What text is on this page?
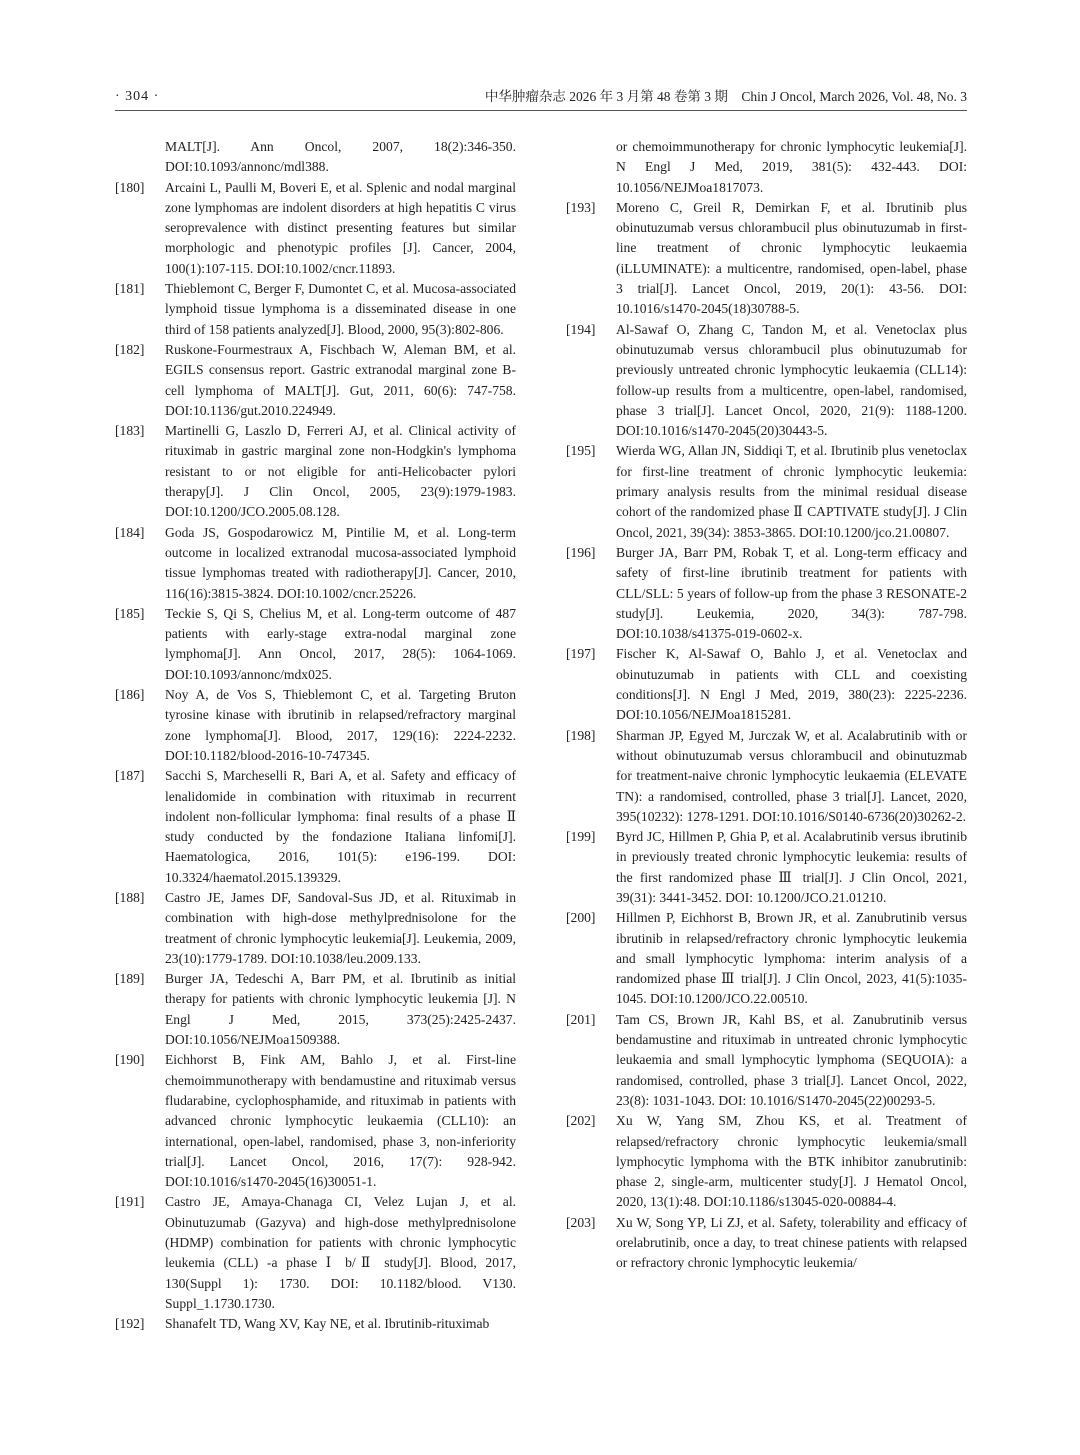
· 304 ·	中华肿瘤杂志 2026 年 3 月第 48 卷第 3 期　Chin J Oncol, March 2026, Vol. 48, No. 3
MALT[J]. Ann Oncol, 2007, 18(2):346-350. DOI:10.1093/annonc/mdl388.
[180]	Arcaini L, Paulli M, Boveri E, et al. Splenic and nodal marginal zone lymphomas are indolent disorders at high hepatitis C virus seroprevalence with distinct presenting features but similar morphologic and phenotypic profiles [J]. Cancer, 2004, 100(1):107-115. DOI:10.1002/cncr.11893.
[181]	Thieblemont C, Berger F, Dumontet C, et al. Mucosa-associated lymphoid tissue lymphoma is a disseminated disease in one third of 158 patients analyzed[J]. Blood, 2000, 95(3):802-806.
[182]	Ruskone-Fourmestraux A, Fischbach W, Aleman BM, et al. EGILS consensus report. Gastric extranodal marginal zone B-cell lymphoma of MALT[J]. Gut, 2011, 60(6): 747-758. DOI:10.1136/gut.2010.224949.
[183]	Martinelli G, Laszlo D, Ferreri AJ, et al. Clinical activity of rituximab in gastric marginal zone non-Hodgkin's lymphoma resistant to or not eligible for anti-Helicobacter pylori therapy[J]. J Clin Oncol, 2005, 23(9):1979-1983. DOI:10.1200/JCO.2005.08.128.
[184]	Goda JS, Gospodarowicz M, Pintilie M, et al. Long-term outcome in localized extranodal mucosa-associated lymphoid tissue lymphomas treated with radiotherapy[J]. Cancer, 2010, 116(16):3815-3824. DOI:10.1002/cncr.25226.
[185]	Teckie S, Qi S, Chelius M, et al. Long-term outcome of 487 patients with early-stage extra-nodal marginal zone lymphoma[J]. Ann Oncol, 2017, 28(5): 1064-1069. DOI:10.1093/annonc/mdx025.
[186]	Noy A, de Vos S, Thieblemont C, et al. Targeting Bruton tyrosine kinase with ibrutinib in relapsed/refractory marginal zone lymphoma[J]. Blood, 2017, 129(16): 2224-2232. DOI:10.1182/blood-2016-10-747345.
[187]	Sacchi S, Marcheselli R, Bari A, et al. Safety and efficacy of lenalidomide in combination with rituximab in recurrent indolent non-follicular lymphoma: final results of a phase Ⅱ study conducted by the fondazione Italiana linfomi[J]. Haematologica, 2016, 101(5): e196-199. DOI: 10.3324/haematol.2015.139329.
[188]	Castro JE, James DF, Sandoval-Sus JD, et al. Rituximab in combination with high-dose methylprednisolone for the treatment of chronic lymphocytic leukemia[J]. Leukemia, 2009, 23(10):1779-1789. DOI:10.1038/leu.2009.133.
[189]	Burger JA, Tedeschi A, Barr PM, et al. Ibrutinib as initial therapy for patients with chronic lymphocytic leukemia [J]. N Engl J Med, 2015, 373(25):2425-2437. DOI:10.1056/NEJMoa1509388.
[190]	Eichhorst B, Fink AM, Bahlo J, et al. First-line chemoimmunotherapy with bendamustine and rituximab versus fludarabine, cyclophosphamide, and rituximab in patients with advanced chronic lymphocytic leukaemia (CLL10): an international, open-label, randomised, phase 3, non-inferiority trial[J]. Lancet Oncol, 2016, 17(7): 928-942. DOI:10.1016/s1470-2045(16)30051-1.
[191]	Castro JE, Amaya-Chanaga CI, Velez Lujan J, et al. Obinutuzumab (Gazyva) and high-dose methylprednisolone (HDMP) combination for patients with chronic lymphocytic leukemia (CLL) -a phase Ⅰ b/Ⅱ study[J]. Blood, 2017, 130(Suppl 1): 1730. DOI: 10.1182/blood. V130. Suppl_1.1730.1730.
[192]	Shanafelt TD, Wang XV, Kay NE, et al. Ibrutinib-rituximab
or chemoimmunotherapy for chronic lymphocytic leukemia[J]. N Engl J Med, 2019, 381(5): 432-443. DOI: 10.1056/NEJMoa1817073.
[193]	Moreno C, Greil R, Demirkan F, et al. Ibrutinib plus obinutuzumab versus chlorambucil plus obinutuzumab in first-line treatment of chronic lymphocytic leukaemia (iLLUMINATE): a multicentre, randomised, open-label, phase 3 trial[J]. Lancet Oncol, 2019, 20(1): 43-56. DOI: 10.1016/s1470-2045(18)30788-5.
[194]	Al-Sawaf O, Zhang C, Tandon M, et al. Venetoclax plus obinutuzumab versus chlorambucil plus obinutuzumab for previously untreated chronic lymphocytic leukaemia (CLL14): follow-up results from a multicentre, open-label, randomised, phase 3 trial[J]. Lancet Oncol, 2020, 21(9): 1188-1200. DOI:10.1016/s1470-2045(20)30443-5.
[195]	Wierda WG, Allan JN, Siddiqi T, et al. Ibrutinib plus venetoclax for first-line treatment of chronic lymphocytic leukemia: primary analysis results from the minimal residual disease cohort of the randomized phase Ⅱ CAPTIVATE study[J]. J Clin Oncol, 2021, 39(34): 3853-3865. DOI:10.1200/jco.21.00807.
[196]	Burger JA, Barr PM, Robak T, et al. Long-term efficacy and safety of first-line ibrutinib treatment for patients with CLL/SLL: 5 years of follow-up from the phase 3 RESONATE-2 study[J]. Leukemia, 2020, 34(3): 787-798. DOI:10.1038/s41375-019-0602-x.
[197]	Fischer K, Al-Sawaf O, Bahlo J, et al. Venetoclax and obinutuzumab in patients with CLL and coexisting conditions[J]. N Engl J Med, 2019, 380(23): 2225-2236. DOI:10.1056/NEJMoa1815281.
[198]	Sharman JP, Egyed M, Jurczak W, et al. Acalabrutinib with or without obinutuzumab versus chlorambucil and obinutuzmab for treatment-naive chronic lymphocytic leukaemia (ELEVATE TN): a randomised, controlled, phase 3 trial[J]. Lancet, 2020, 395(10232): 1278-1291. DOI:10.1016/S0140-6736(20)30262-2.
[199]	Byrd JC, Hillmen P, Ghia P, et al. Acalabrutinib versus ibrutinib in previously treated chronic lymphocytic leukemia: results of the first randomized phase Ⅲ trial[J]. J Clin Oncol, 2021, 39(31): 3441-3452. DOI: 10.1200/JCO.21.01210.
[200]	Hillmen P, Eichhorst B, Brown JR, et al. Zanubrutinib versus ibrutinib in relapsed/refractory chronic lymphocytic leukemia and small lymphocytic lymphoma: interim analysis of a randomized phase Ⅲ trial[J]. J Clin Oncol, 2023, 41(5):1035-1045. DOI:10.1200/JCO.22.00510.
[201]	Tam CS, Brown JR, Kahl BS, et al. Zanubrutinib versus bendamustine and rituximab in untreated chronic lymphocytic leukaemia and small lymphocytic lymphoma (SEQUOIA): a randomised, controlled, phase 3 trial[J]. Lancet Oncol, 2022, 23(8): 1031-1043. DOI: 10.1016/S1470-2045(22)00293-5.
[202]	Xu W, Yang SM, Zhou KS, et al. Treatment of relapsed/refractory chronic lymphocytic leukemia/small lymphocytic lymphoma with the BTK inhibitor zanubrutinib: phase 2, single-arm, multicenter study[J]. J Hematol Oncol, 2020, 13(1):48. DOI:10.1186/s13045-020-00884-4.
[203]	Xu W, Song YP, Li ZJ, et al. Safety, tolerability and efficacy of orelabrutinib, once a day, to treat chinese patients with relapsed or refractory chronic lymphocytic leukemia/
